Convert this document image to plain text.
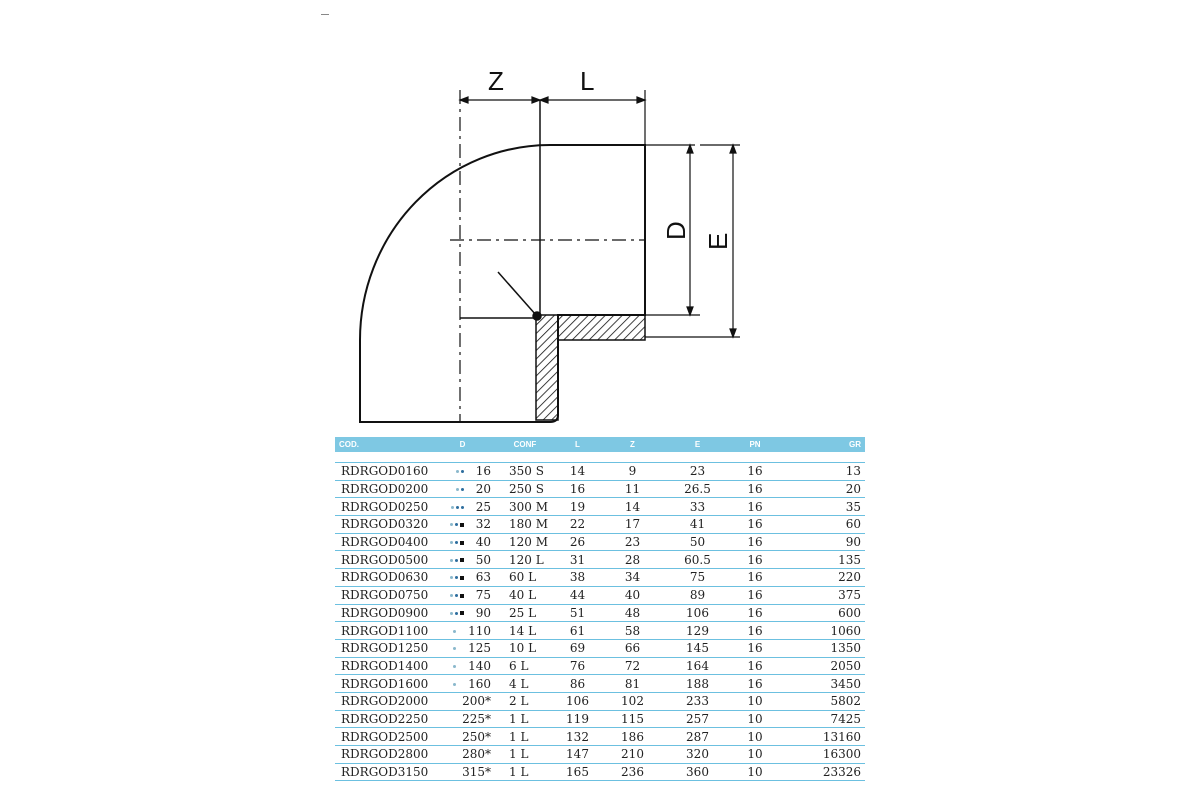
Z	L
D
E
COD.	D	CONF	L	Z	E	PN	GR

RDRGOD0160	16	350 S	14	9	23	16	13
RDRGOD0200	20	250 S	16	11	26.5	16	20
RDRGOD0250	25	300 M	19	14	33	16	35
RDRGOD0320	32	180 M	22	17	41	16	60
RDRGOD0400	40	120 M	26	23	50	16	90
RDRGOD0500	50	120 L	31	28	60.5	16	135
RDRGOD0630	63	60 L	38	34	75	16	220
RDRGOD0750	75	40 L	44	40	89	16	375
RDRGOD0900	90	25 L	51	48	106	16	600
RDRGOD1100	110	14 L	61	58	129	16	1060
RDRGOD1250	125	10 L	69	66	145	16	1350
RDRGOD1400	140	6 L	76	72	164	16	2050
RDRGOD1600	160	4 L	86	81	188	16	3450
RDRGOD2000	200*	2 L	106	102	233	10	5802
RDRGOD2250	225*	1 L	119	115	257	10	7425
RDRGOD2500	250*	1 L	132	186	287	10	13160
RDRGOD2800	280*	1 L	147	210	320	10	16300
RDRGOD3150	315*	1 L	165	236	360	10	23326
